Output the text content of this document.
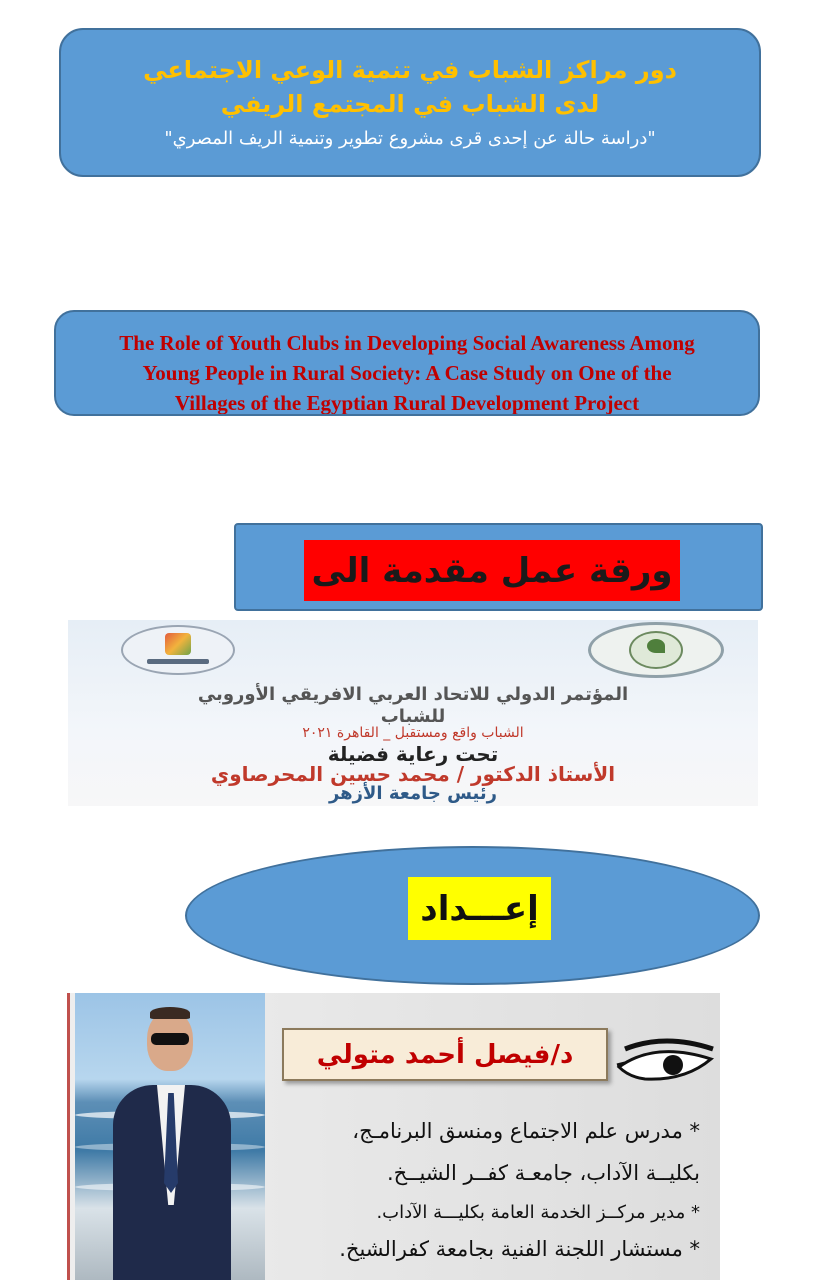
دور مراكز الشباب في تنمية الوعي الاجتماعي
لدى الشباب في المجتمع الريفي
"دراسة حالة عن إحدى قرى مشروع تطوير وتنمية الريف المصري"
The Role of Youth Clubs in Developing Social Awareness Among
Young People in Rural Society: A Case Study on One of the
Villages of the Egyptian Rural Development Project
ورقة عمل مقدمة الى
المؤتمر الدولي للاتحاد العربي الافريقي الأوروبي
للشباب
الشباب واقع ومستقبل _ القاهرة ٢٠٢١
تحت رعاية فضيلة
الأستاذ الدكتور / محمد حسين المحرصاوي
رئيس جامعة الأزهر
إعـــداد
د/فيصل أحمد متولي
* مدرس علم الاجتماع ومنسق البرنامـج،
بكليــة الآداب، جامعـة كفــر الشيــخ.
* مدير مركــز الخدمة العامة بكليـــة الآداب.
* مستشار اللجنة الفنية بجامعة كفرالشيخ.
